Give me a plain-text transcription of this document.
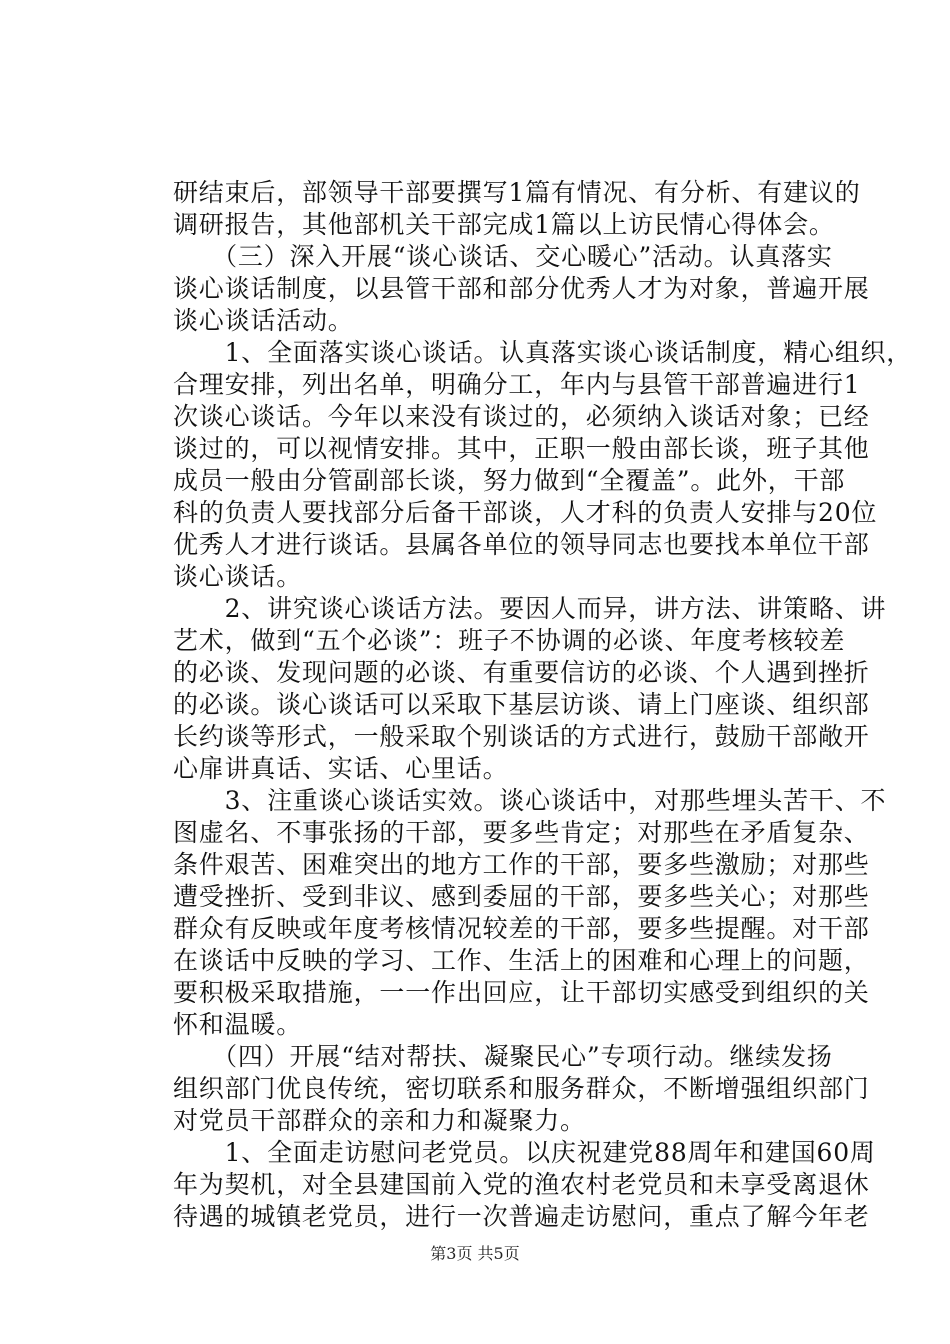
研结束后，部领导干部要撰写1篇有情况、有分析、有建议的
调研报告，其他部机关干部完成1篇以上访民情心得体会。
　　（三）深入开展“谈心谈话、交心暖心”活动。认真落实
谈心谈话制度，以县管干部和部分优秀人才为对象，普遍开展
谈心谈话活动。
　　1、全面落实谈心谈话。认真落实谈心谈话制度，精心组织，
合理安排，列出名单，明确分工，年内与县管干部普遍进行1
次谈心谈话。今年以来没有谈过的，必须纳入谈话对象；已经
谈过的，可以视情安排。其中，正职一般由部长谈，班子其他
成员一般由分管副部长谈，努力做到“全覆盖”。此外，干部
科的负责人要找部分后备干部谈，人才科的负责人安排与20位
优秀人才进行谈话。县属各单位的领导同志也要找本单位干部
谈心谈话。
　　2、讲究谈心谈话方法。要因人而异，讲方法、讲策略、讲
艺术，做到“五个必谈”：班子不协调的必谈、年度考核较差
的必谈、发现问题的必谈、有重要信访的必谈、个人遇到挫折
的必谈。谈心谈话可以采取下基层访谈、请上门座谈、组织部
长约谈等形式，一般采取个别谈话的方式进行，鼓励干部敞开
心扉讲真话、实话、心里话。
　　3、注重谈心谈话实效。谈心谈话中，对那些埋头苦干、不
图虚名、不事张扬的干部，要多些肯定；对那些在矛盾复杂、
条件艰苦、困难突出的地方工作的干部，要多些激励；对那些
遭受挫折、受到非议、感到委屈的干部，要多些关心；对那些
群众有反映或年度考核情况较差的干部，要多些提醒。对干部
在谈话中反映的学习、工作、生活上的困难和心理上的问题，
要积极采取措施，一一作出回应，让干部切实感受到组织的关
怀和温暖。
　　（四）开展“结对帮扶、凝聚民心”专项行动。继续发扬
组织部门优良传统，密切联系和服务群众，不断增强组织部门
对党员干部群众的亲和力和凝聚力。
　　1、全面走访慰问老党员。以庆祝建党88周年和建国60周
年为契机，对全县建国前入党的渔农村老党员和未享受离退休
待遇的城镇老党员，进行一次普遍走访慰问，重点了解今年老
第3页 共5页
